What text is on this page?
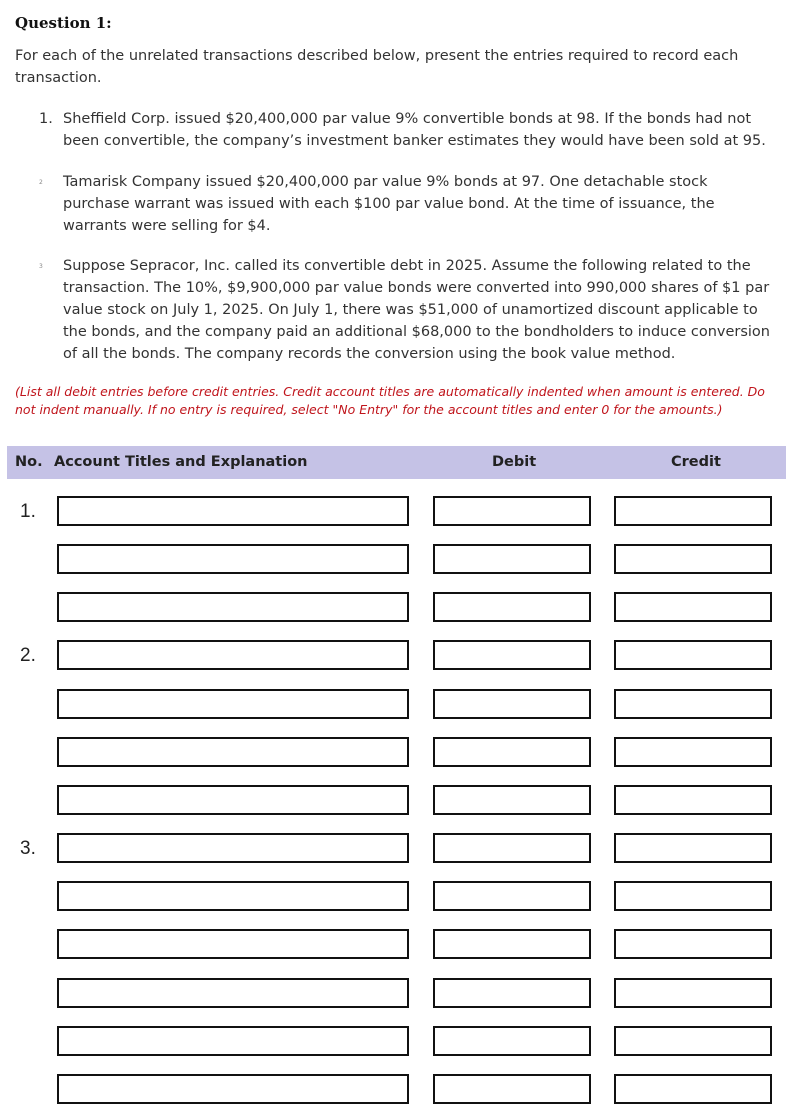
Question 1:
For each of the unrelated transactions described below, present the entries required to record each transaction.
1. Sheffield Corp. issued $20,400,000 par value 9% convertible bonds at 98. If the bonds had not been convertible, the company’s investment banker estimates they would have been sold at 95.
2 Tamarisk Company issued $20,400,000 par value 9% bonds at 97. One detachable stock purchase warrant was issued with each $100 par value bond. At the time of issuance, the warrants were selling for $4.
3 Suppose Sepracor, Inc. called its convertible debt in 2025. Assume the following related to the transaction. The 10%, $9,900,000 par value bonds were converted into 990,000 shares of $1 par value stock on July 1, 2025. On July 1, there was $51,000 of unamortized discount applicable to the bonds, and the company paid an additional $68,000 to the bondholders to induce conversion of all the bonds. The company records the conversion using the book value method.
(List all debit entries before credit entries. Credit account titles are automatically indented when amount is entered. Do not indent manually. If no entry is required, select "No Entry" for the account titles and enter 0 for the amounts.)
No. Account Titles and Explanation	Debit	Credit
1.
2.
3.
